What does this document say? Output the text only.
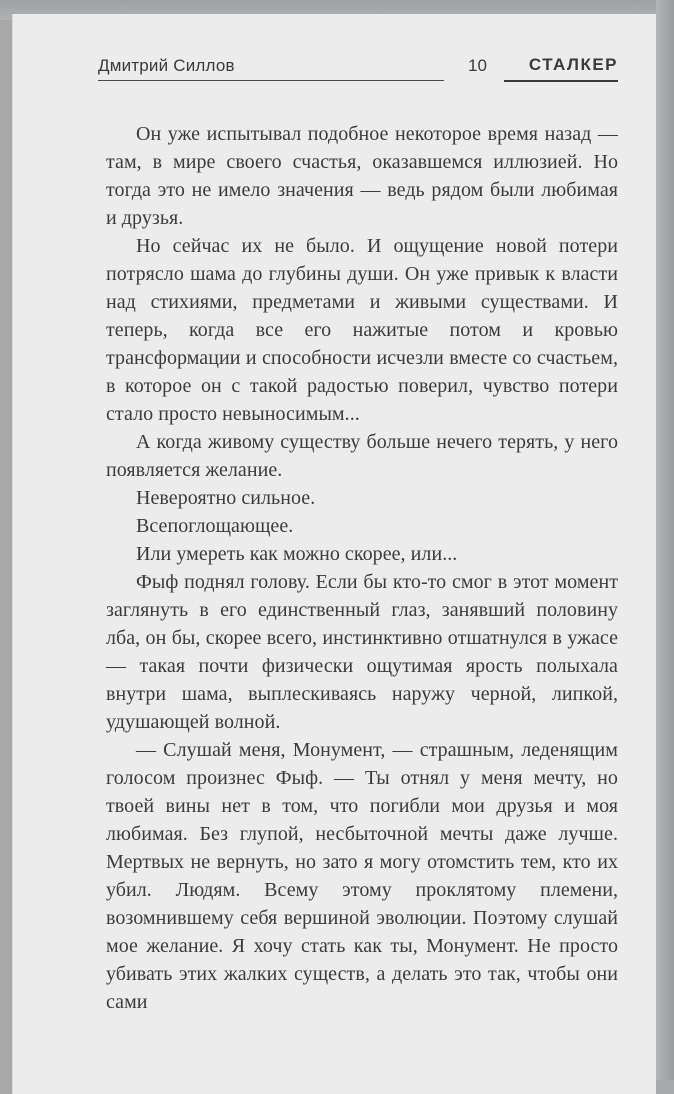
Дмитрий Силлов	10 СТАЛКЕР

Он уже испытывал подобное некоторое время назад — там, в мире своего счастья, оказавшемся иллюзией. Но тогда это не имело значения — ведь рядом были любимая и друзья.

Но сейчас их не было. И ощущение новой потери потрясло шама до глубины души. Он уже привык к власти над стихиями, предметами и живыми существами. И теперь, когда все его нажитые потом и кровью трансформации и способности исчезли вместе со счастьем, в которое он с такой радостью поверил, чувство потери стало просто невыносимым...

А когда живому существу больше нечего терять, у него появляется желание.

Невероятно сильное.

Всепоглощающее.

Или умереть как можно скорее, или...

Фыф поднял голову. Если бы кто-то смог в этот момент заглянуть в его единственный глаз, занявший половину лба, он бы, скорее всего, инстинктивно отшатнулся в ужасе — такая почти физически ощутимая ярость полыхала внутри шама, выплескиваясь наружу черной, липкой, удушающей волной.

— Слушай меня, Монумент, — страшным, леденящим голосом произнес Фыф. — Ты отнял у меня мечту, но твоей вины нет в том, что погибли мои друзья и моя любимая. Без глупой, несбыточной мечты даже лучше. Мертвых не вернуть, но зато я могу отомстить тем, кто их убил. Людям. Всему этому проклятому племени, возомнившему себя вершиной эволюции. Поэтому слушай мое желание. Я хочу стать как ты, Монумент. Не просто убивать этих жалких существ, а делать это так, чтобы они сами
